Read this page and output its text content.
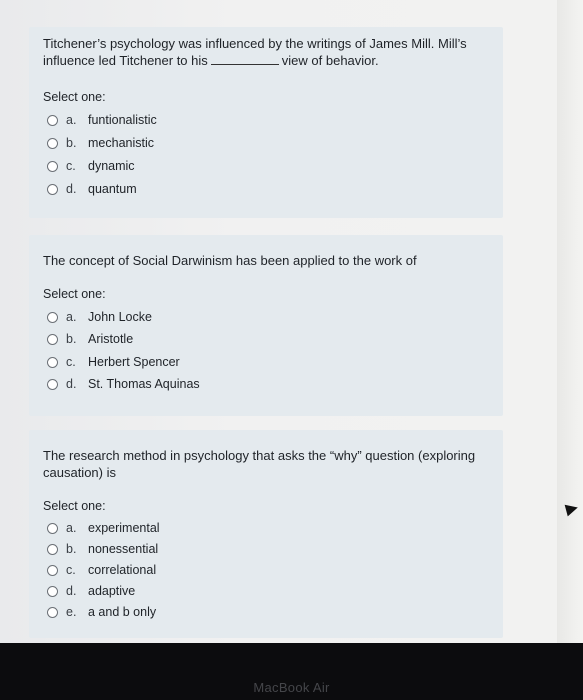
Titchener’s psychology was influenced by the writings of James Mill. Mill’s influence led Titchener to his	view of behavior.
Select one:
a. funtionalistic
b. mechanistic
c. dynamic
d. quantum
The concept of Social Darwinism has been applied to the work of
Select one:
a. John Locke
b. Aristotle
c. Herbert Spencer
d. St. Thomas Aquinas
The research method in psychology that asks the “why” question (exploring causation) is
Select one:
a. experimental
b. nonessential
c. correlational
d. adaptive
e. a and b only
MacBook Air
